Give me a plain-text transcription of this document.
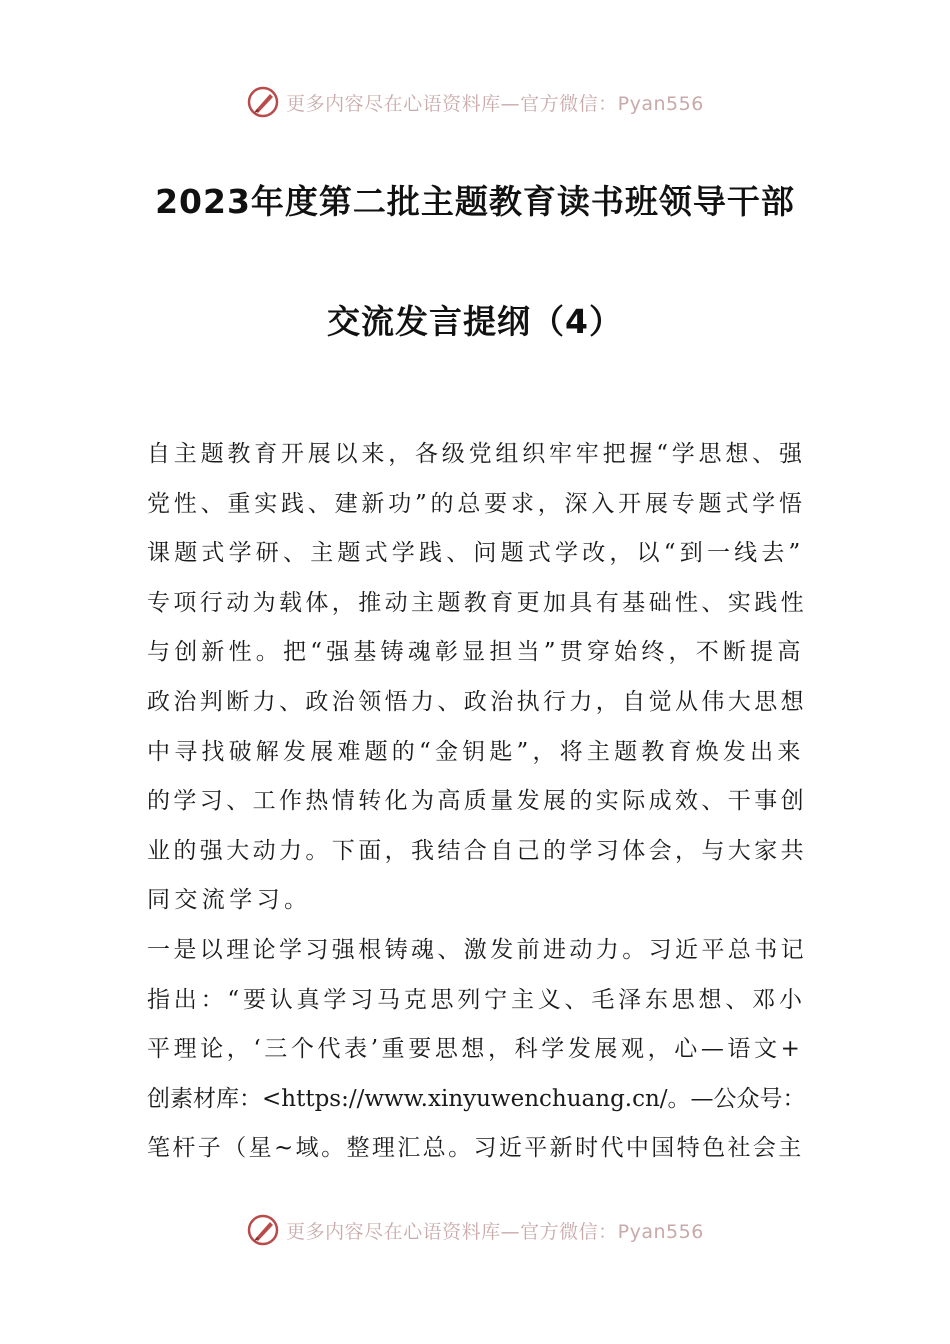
更多内容尽在心语资料库—官方微信：Pyan556
2023年度第二批主题教育读书班领导干部
交流发言提纲（4）
自主题教育开展以来，各级党组织牢牢把握“学思想、强
党性、重实践、建新功”的总要求，深入开展专题式学悟
课题式学研、主题式学践、问题式学改，以“到一线去”
专项行动为载体，推动主题教育更加具有基础性、实践性
与创新性。把“强基铸魂彰显担当”贯穿始终，不断提高
政治判断力、政治领悟力、政治执行力，自觉从伟大思想
中寻找破解发展难题的“金钥匙”，将主题教育焕发出来
的学习、工作热情转化为高质量发展的实际成效、干事创
业的强大动力。下面，我结合自己的学习体会，与大家共
同交流学习。
一是以理论学习强根铸魂、激发前进动力。习近平总书记
指出：“要认真学习马克思列宁主义、毛泽东思想、邓小
平理论，‘三个代表’重要思想，科学发展观，心—语文+
创素材库：<https://www.xinyuwenchuang.cn/。—公众号：
笔杆子（星~域。整理汇总。习近平新时代中国特色社会主
更多内容尽在心语资料库—官方微信：Pyan556
